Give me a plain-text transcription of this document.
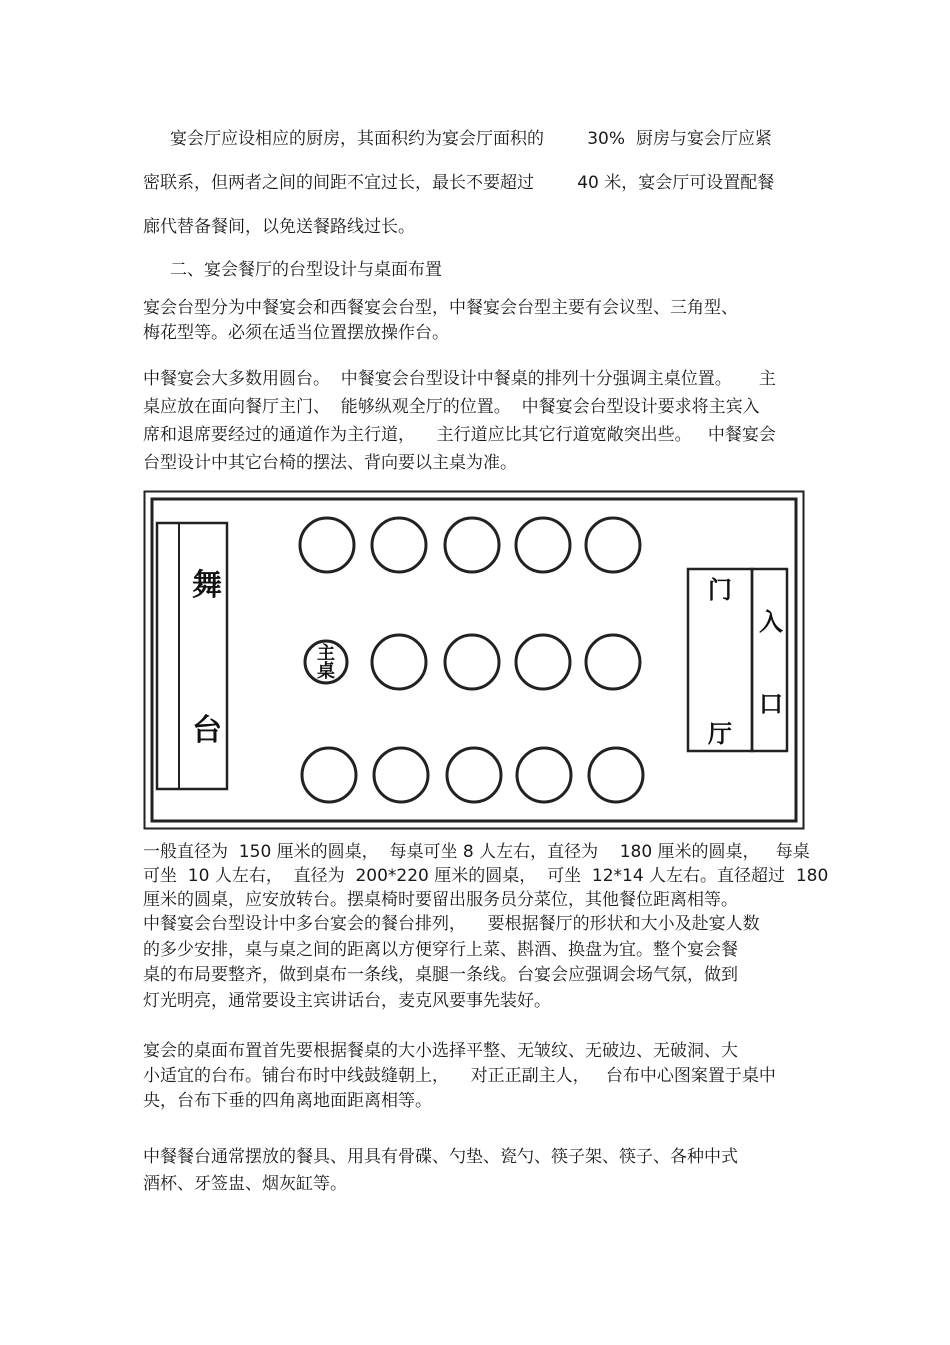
宴会厅应设相应的厨房，其面积约为宴会厅面积的        30%  厨房与宴会厅应紧
密联系，但两者之间的间距不宜过长，最长不要超过        40 米，宴会厅可设置配餐
廊代替备餐间，以免送餐路线过长。
二、宴会餐厅的台型设计与桌面布置
宴会台型分为中餐宴会和西餐宴会台型，中餐宴会台型主要有会议型、三角型、
梅花型等。必须在适当位置摆放操作台。
中餐宴会大多数用圆台。  中餐宴会台型设计中餐桌的排列十分强调主桌位置。     主
桌应放在面向餐厅主门、  能够纵观全厅的位置。  中餐宴会台型设计要求将主宾入
席和退席要经过的通道作为主行道，    主行道应比其它行道宽敞突出些。   中餐宴会
台型设计中其它台椅的摆法、背向要以主桌为准。
舞
台
主
桌
门
厅
入
口
一般直径为  150 厘米的圆桌，  每桌可坐 8 人左右，直径为    180 厘米的圆桌，   每桌
可坐  10 人左右，  直径为  200*220 厘米的圆桌，  可坐  12*14 人左右。直径超过  180
厘米的圆桌，应安放转台。摆桌椅时要留出服务员分菜位，其他餐位距离相等。
中餐宴会台型设计中多台宴会的餐台排列，    要根据餐厅的形状和大小及赴宴人数
的多少安排，桌与桌之间的距离以方便穿行上菜、斟酒、换盘为宜。整个宴会餐
桌的布局要整齐，做到桌布一条线，桌腿一条线。台宴会应强调会场气氛，做到
灯光明亮，通常要设主宾讲话台，麦克风要事先装好。
宴会的桌面布置首先要根据餐桌的大小选择平整、无皱纹、无破边、无破洞、大
小适宜的台布。铺台布时中线鼓缝朝上，    对正正副主人，   台布中心图案置于桌中
央，台布下垂的四角离地面距离相等。
中餐餐台通常摆放的餐具、用具有骨碟、勺垫、瓷勺、筷子架、筷子、各种中式
酒杯、牙签盅、烟灰缸等。
